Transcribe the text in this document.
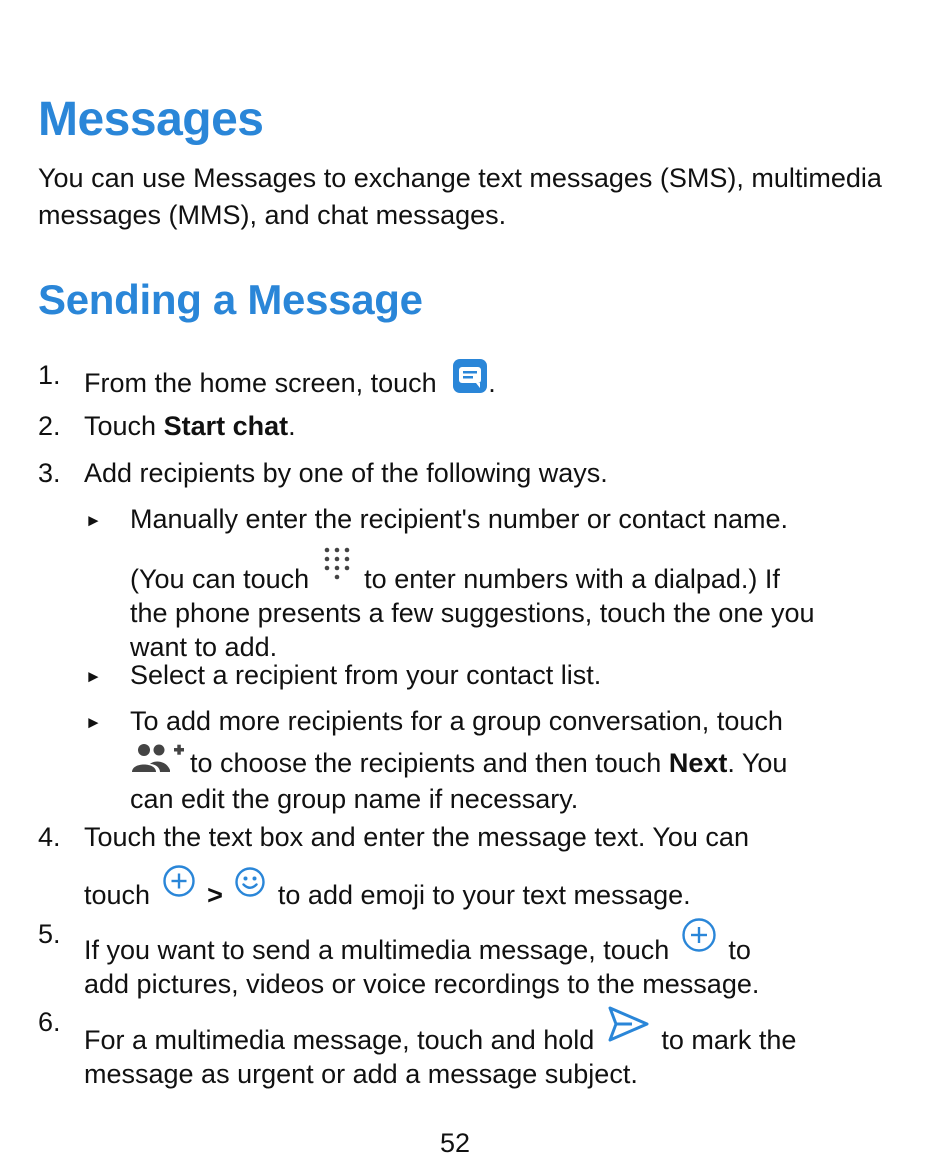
Messages

You can use Messages to exchange text messages (SMS), multimedia messages (MMS), and chat messages.

Sending a Message
1. From the home screen, touch .
2. Touch Start chat.
3. Add recipients by one of the following ways.
► Manually enter the recipient's number or contact name.
(You can touch to enter numbers with a dialpad.) If
the phone presents a few suggestions, touch the one you want to add.
► Select a recipient from your contact list.
► To add more recipients for a group conversation, touch
to choose the recipients and then touch Next. You
can edit the group name if necessary.
4. Touch the text box and enter the message text. You can
touch > to add emoji to your text message.
5.
If you want to send a multimedia message, touch to
add pictures, videos or voice recordings to the message.
6.
For a multimedia message, touch and hold to mark the
message as urgent or add a message subject.
52
